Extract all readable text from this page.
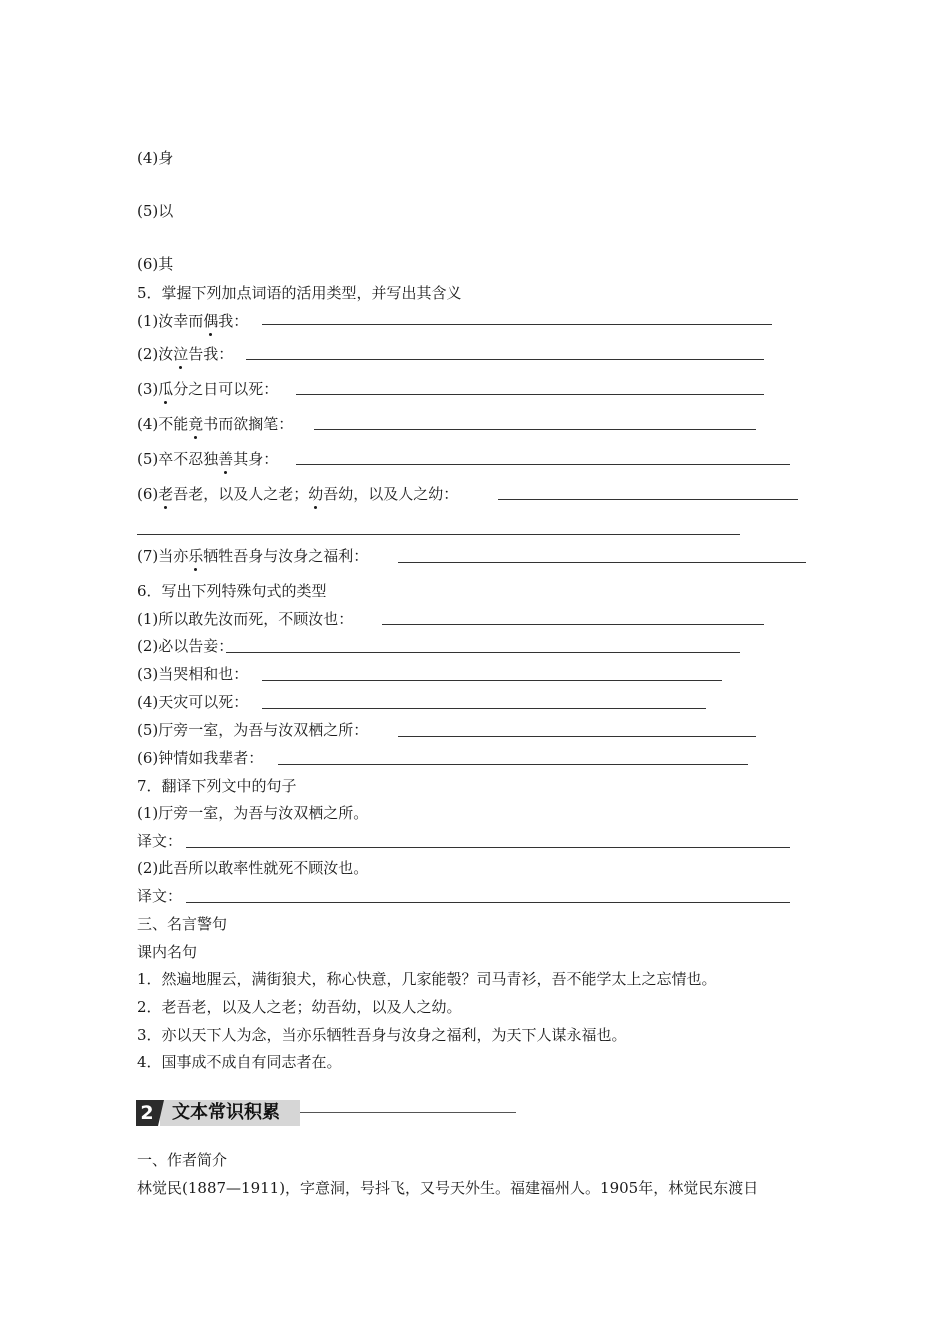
(4)身
(5)以
(6)其
5．掌握下列加点词语的活用类型，并写出其含义
(1)汝幸而偶我：
(2)汝泣告我：
(3)瓜分之日可以死：
(4)不能竟书而欲搁笔：
(5)卒不忍独善其身：
(6)老吾老，以及人之老；幼吾幼，以及人之幼：
(7)当亦乐牺牲吾身与汝身之福利：
6．写出下列特殊句式的类型
(1)所以敢先汝而死，不顾汝也：
(2)必以告妾：
(3)当哭相和也：
(4)天灾可以死：
(5)厅旁一室，为吾与汝双栖之所：
(6)钟情如我辈者：
7．翻译下列文中的句子
(1)厅旁一室，为吾与汝双栖之所。
译文：
(2)此吾所以敢率性就死不顾汝也。
译文：
三、名言警句
课内名句
1．然遍地腥云，满街狼犬，称心快意，几家能彀？司马青衫，吾不能学太上之忘情也。
2．老吾老，以及人之老；幼吾幼，以及人之幼。
3．亦以天下人为念，当亦乐牺牲吾身与汝身之福利，为天下人谋永福也。
4．国事成不成自有同志者在。
2 文本常识积累
一、作者简介
林觉民(1887—1911)，字意洞，号抖飞，又号天外生。福建福州人。1905年，林觉民东渡日
